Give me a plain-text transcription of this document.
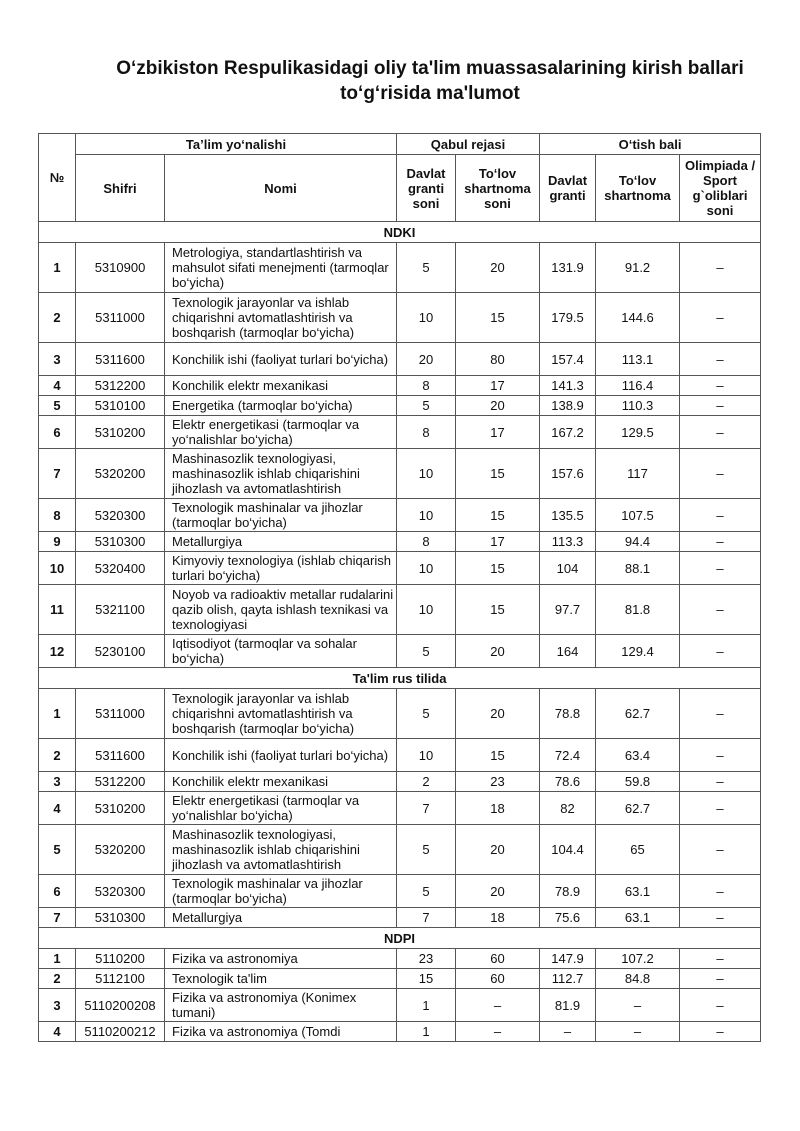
O‘zbikiston Respulikasidagi oliy ta'lim muassasalarining kirish ballari
to‘g‘risida ma'lumot
№	Ta’lim yo‘nalishi		Qabul rejasi		O‘tish bali		
	Shifri	Nomi	Davlat granti soni	To‘lov shartnoma soni	Davlat granti	To‘lov shartnoma	Olimpiada / Sport g`oliblari soni
NDKI							
1	5310900	Metrologiya, standartlashtirish va mahsulot sifati menejmenti (tarmoqlar bo‘yicha)	5	20	131.9	91.2	–
2	5311000	Texnologik jarayonlar va ishlab chiqarishni avtomatlashtirish va boshqarish (tarmoqlar bo‘yicha)	10	15	179.5	144.6	–
3	5311600	Konchilik ishi (faoliyat turlari bo‘yicha)	20	80	157.4	113.1	–
4	5312200	Konchilik elektr mexanikasi	8	17	141.3	116.4	–
5	5310100	Energetika (tarmoqlar bo‘yicha)	5	20	138.9	110.3	–
6	5310200	Elektr energetikasi (tarmoqlar va yo‘nalishlar bo‘yicha)	8	17	167.2	129.5	–
7	5320200	Mashinasozlik texnologiyasi, mashinasozlik ishlab chiqarishini jihozlash va avtomatlashtirish	10	15	157.6	117	–
8	5320300	Texnologik mashinalar va jihozlar (tarmoqlar bo‘yicha)	10	15	135.5	107.5	–
9	5310300	Metallurgiya	8	17	113.3	94.4	–
10	5320400	Kimyoviy texnologiya (ishlab chiqarish turlari bo‘yicha)	10	15	104	88.1	–
11	5321100	Noyob va radioaktiv metallar rudalarini qazib olish, qayta ishlash texnikasi va texnologiyasi	10	15	97.7	81.8	–
12	5230100	Iqtisodiyot (tarmoqlar va sohalar bo‘yicha)	5	20	164	129.4	–
Ta'lim rus tilida							
1	5311000	Texnologik jarayonlar va ishlab chiqarishni avtomatlashtirish va boshqarish (tarmoqlar bo‘yicha)	5	20	78.8	62.7	–
2	5311600	Konchilik ishi (faoliyat turlari bo‘yicha)	10	15	72.4	63.4	–
3	5312200	Konchilik elektr mexanikasi	2	23	78.6	59.8	–
4	5310200	Elektr energetikasi (tarmoqlar va yo‘nalishlar bo‘yicha)	7	18	82	62.7	–
5	5320200	Mashinasozlik texnologiyasi, mashinasozlik ishlab chiqarishini jihozlash va avtomatlashtirish	5	20	104.4	65	–
6	5320300	Texnologik mashinalar va jihozlar (tarmoqlar bo‘yicha)	5	20	78.9	63.1	–
7	5310300	Metallurgiya	7	18	75.6	63.1	–
NDPI							
1	5110200	Fizika va astronomiya	23	60	147.9	107.2	–
2	5112100	Texnologik ta'lim	15	60	112.7	84.8	–
3	5110200208	Fizika va astronomiya (Konimex tumani)	1	–	81.9	–	–
4	5110200212	Fizika va astronomiya (Tomdi	1	–	–	–	–
